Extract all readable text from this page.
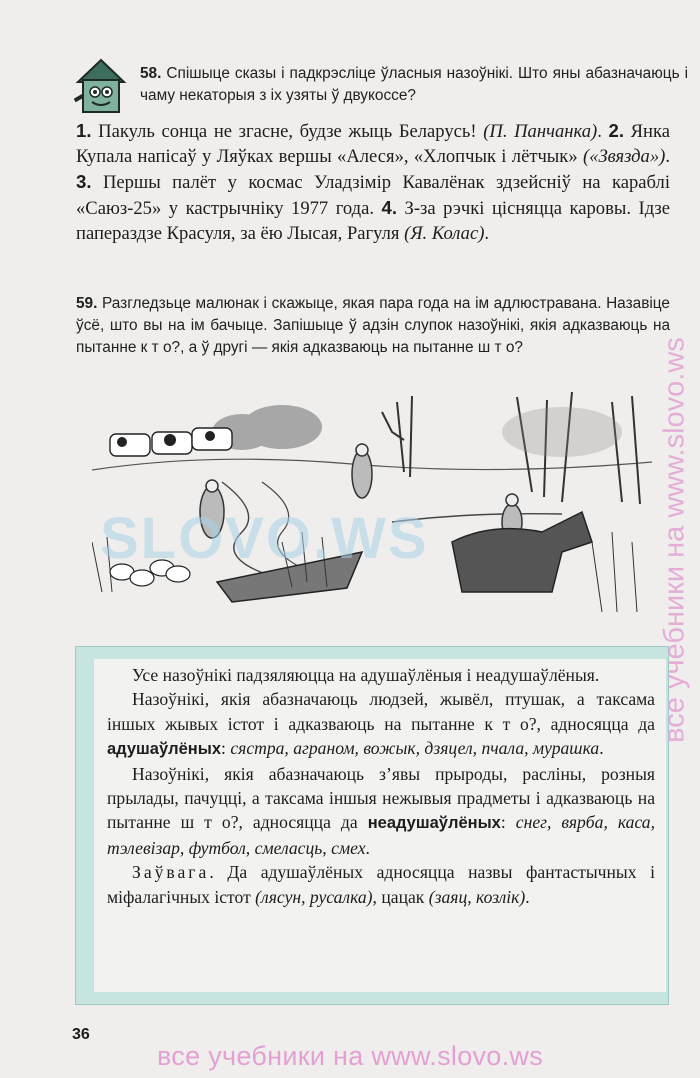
58. Спішыце сказы і падкрэсліце ўласныя назоўнікі. Што яны абазначаюць і чаму некаторыя з іх узяты ў двукоссе?
1. Пакуль сонца не згасне, будзе жыць Беларусь! (П. Панчанка). 2. Янка Купала напісаў у Ляўках вершы «Алеся», «Хлопчык і лётчык» («Звязда»). 3. Першы палёт у космас Уладзімір Кавалёнак здзейсніў на караблі «Саюз-25» у кастрычніку 1977 года. 4. З-за рэчкі цісняцца каровы. Ідзе папераздзе Красуля, за ёю Лысая, Рагуля (Я. Колас).
59. Разгледзьце малюнак і скажыце, якая пара года на ім адлюстравана. Назавіце ўсё, што вы на ім бачыце. Запішыце ў адзін слупок назоўнікі, якія адказваюць на пытанне к т о?, а ў другі — якія адказваюць на пытанне ш т о?
SLOVO.WS

Усе назоўнікі падзяляюцца на адушаўлёныя і неадушаўлёныя.

Назоўнікі, якія абазначаюць людзей, жывёл, птушак, а таксама іншых жывых істот і адказваюць на пытанне к т о?, адносяцца да адушаўлёных: сястра, аграном, вожык, дзяцел, пчала, мурашка.

Назоўнікі, якія абазначаюць з’явы прыроды, расліны, розныя прылады, пачуцці, а таксама іншыя нежывыя прадметы і адказваюць на пытанне ш т о?, адносяцца да неадушаўлёных: снег, вярба, каса, тэлевізар, футбол, смеласць, смех.

Заўвага. Да адушаўлёных адносяцца назвы фантастычных і міфалагічных істот (лясун, русалка), цацак (заяц, козлік).

36
все учебники на www.slovo.ws
все учебники на www.slovo.ws
